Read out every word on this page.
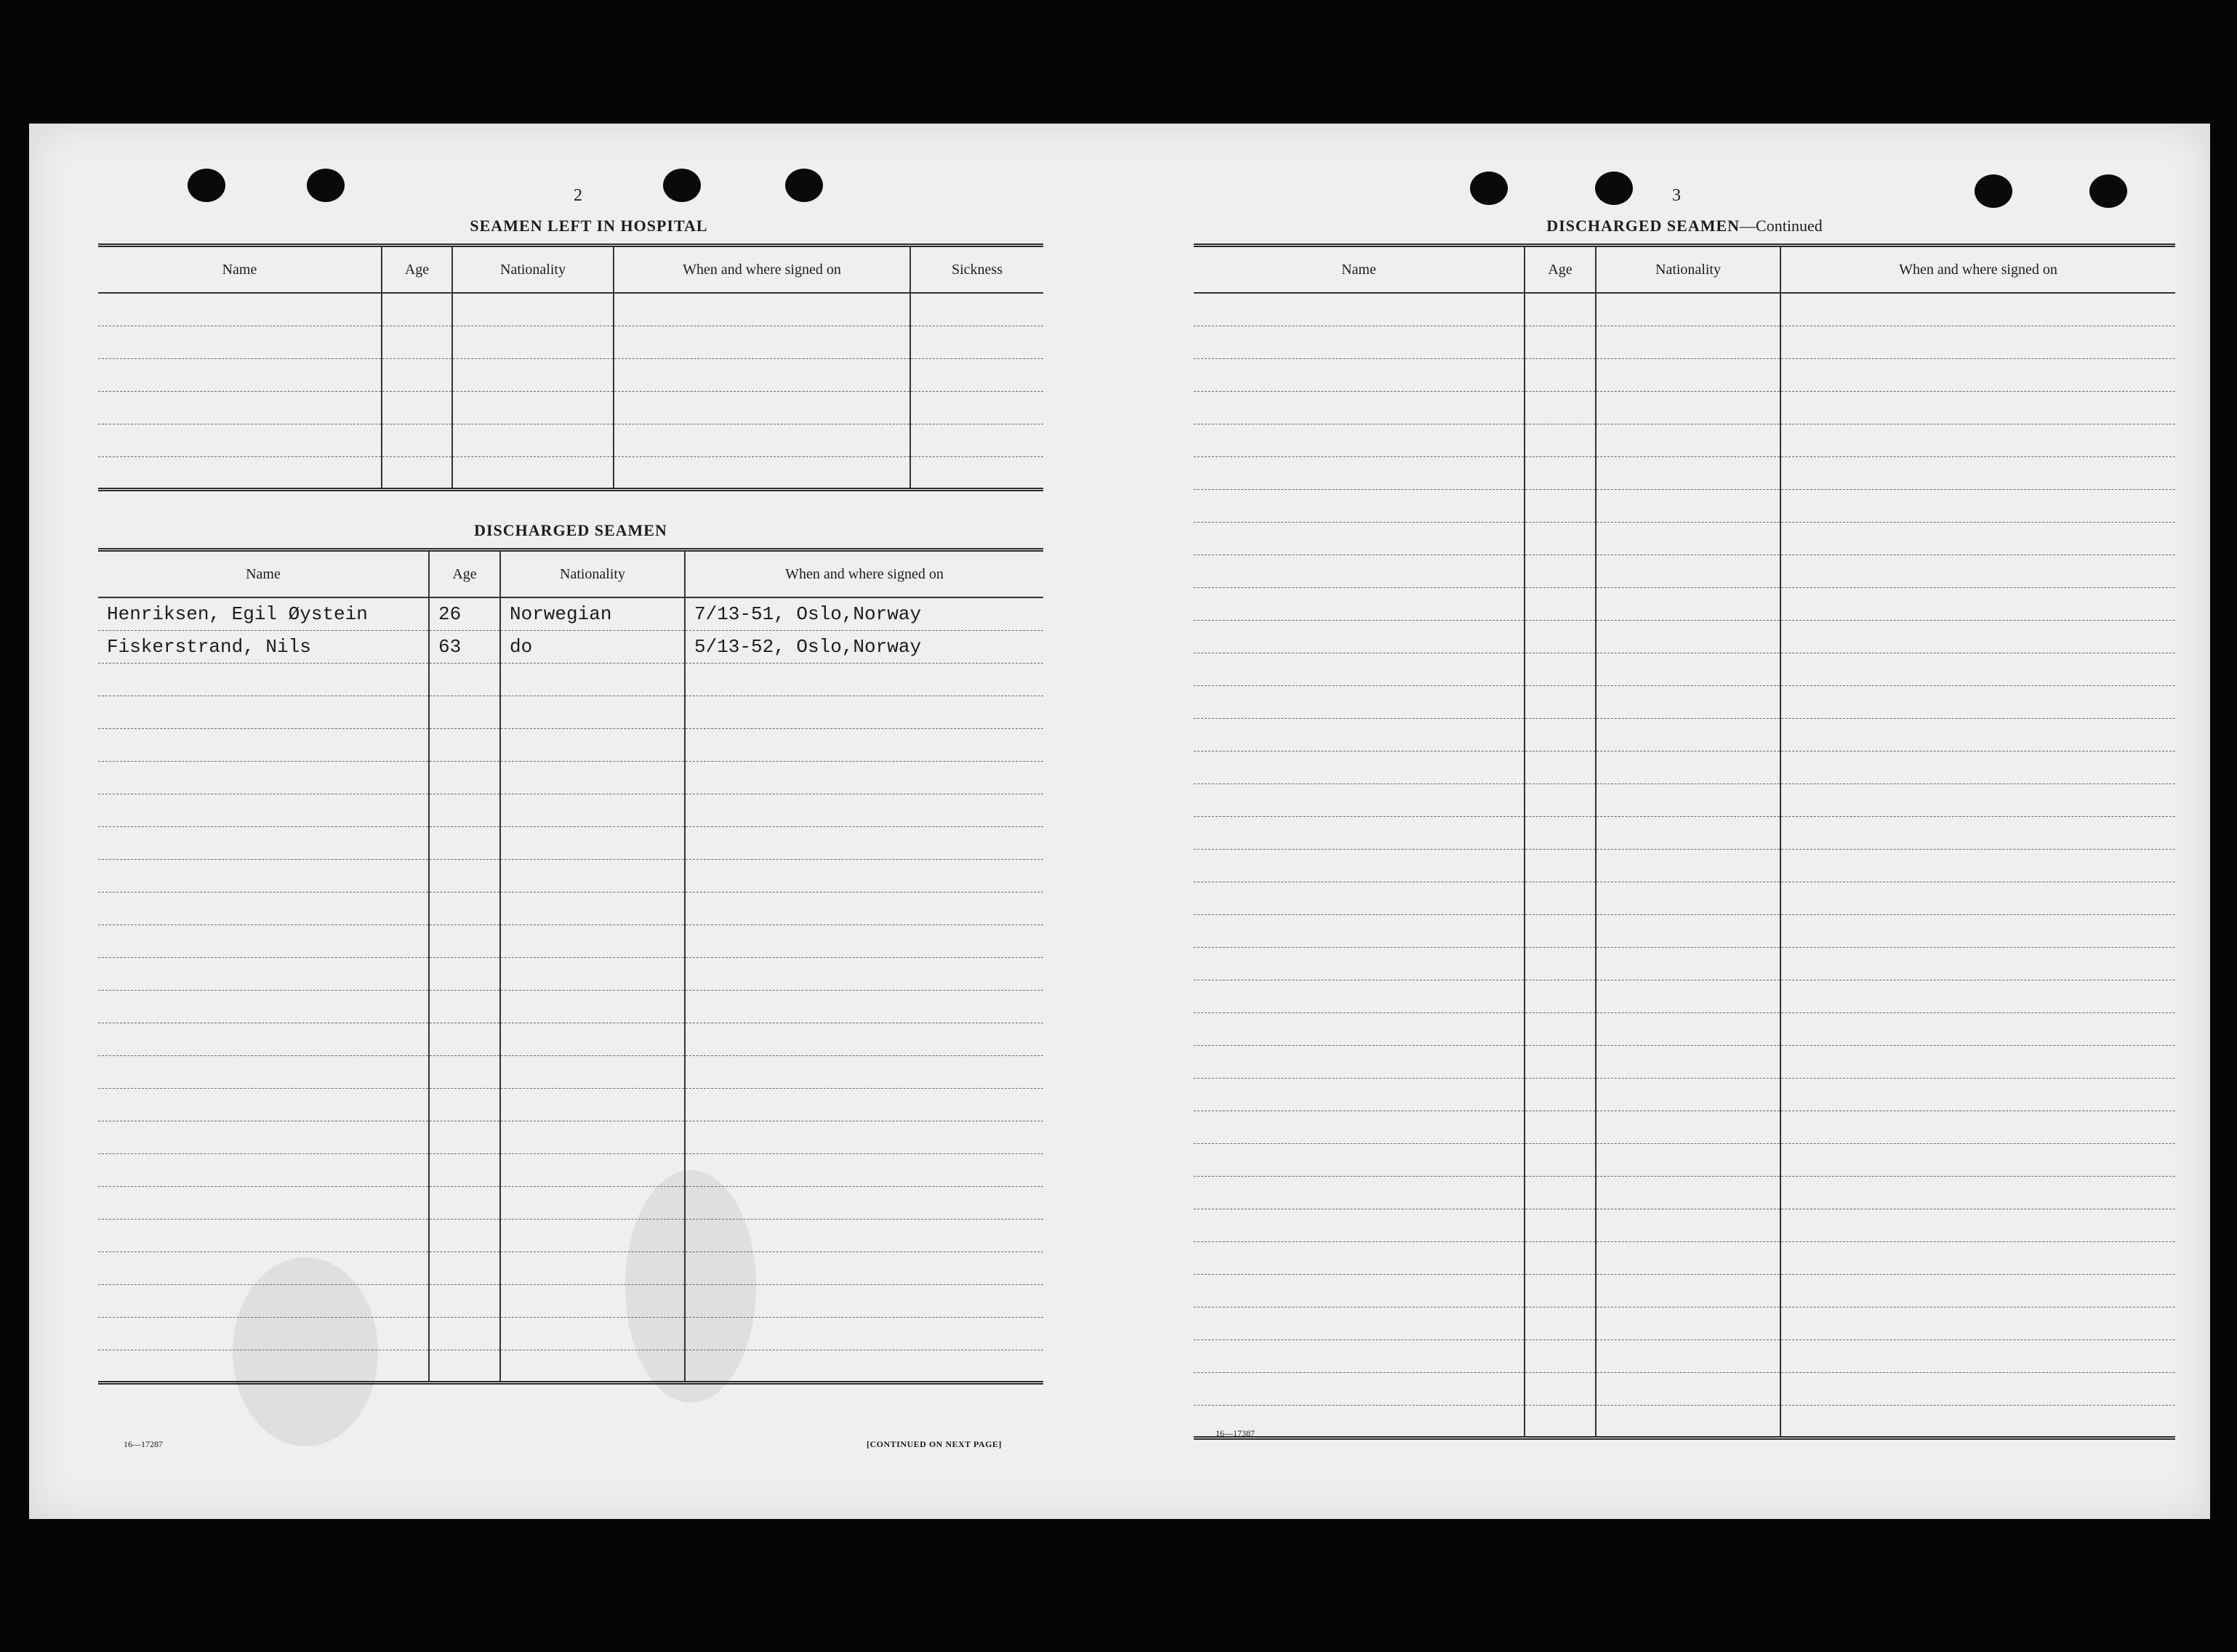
2
SEAMEN LEFT IN HOSPITAL
Name	Age	Nationality	When and where signed on	Sickness

DISCHARGED SEAMEN
Name	Age	Nationality	When and where signed on
Henriksen, Egil Øystein	26	Norwegian	7/13-51, Oslo,Norway
Fiskerstrand, Nils	63	do	5/13-52, Oslo,Norway

16—17287	[CONTINUED ON NEXT PAGE]
3
DISCHARGED SEAMEN—Continued
Name	Age	Nationality	When and where signed on

16—17387
